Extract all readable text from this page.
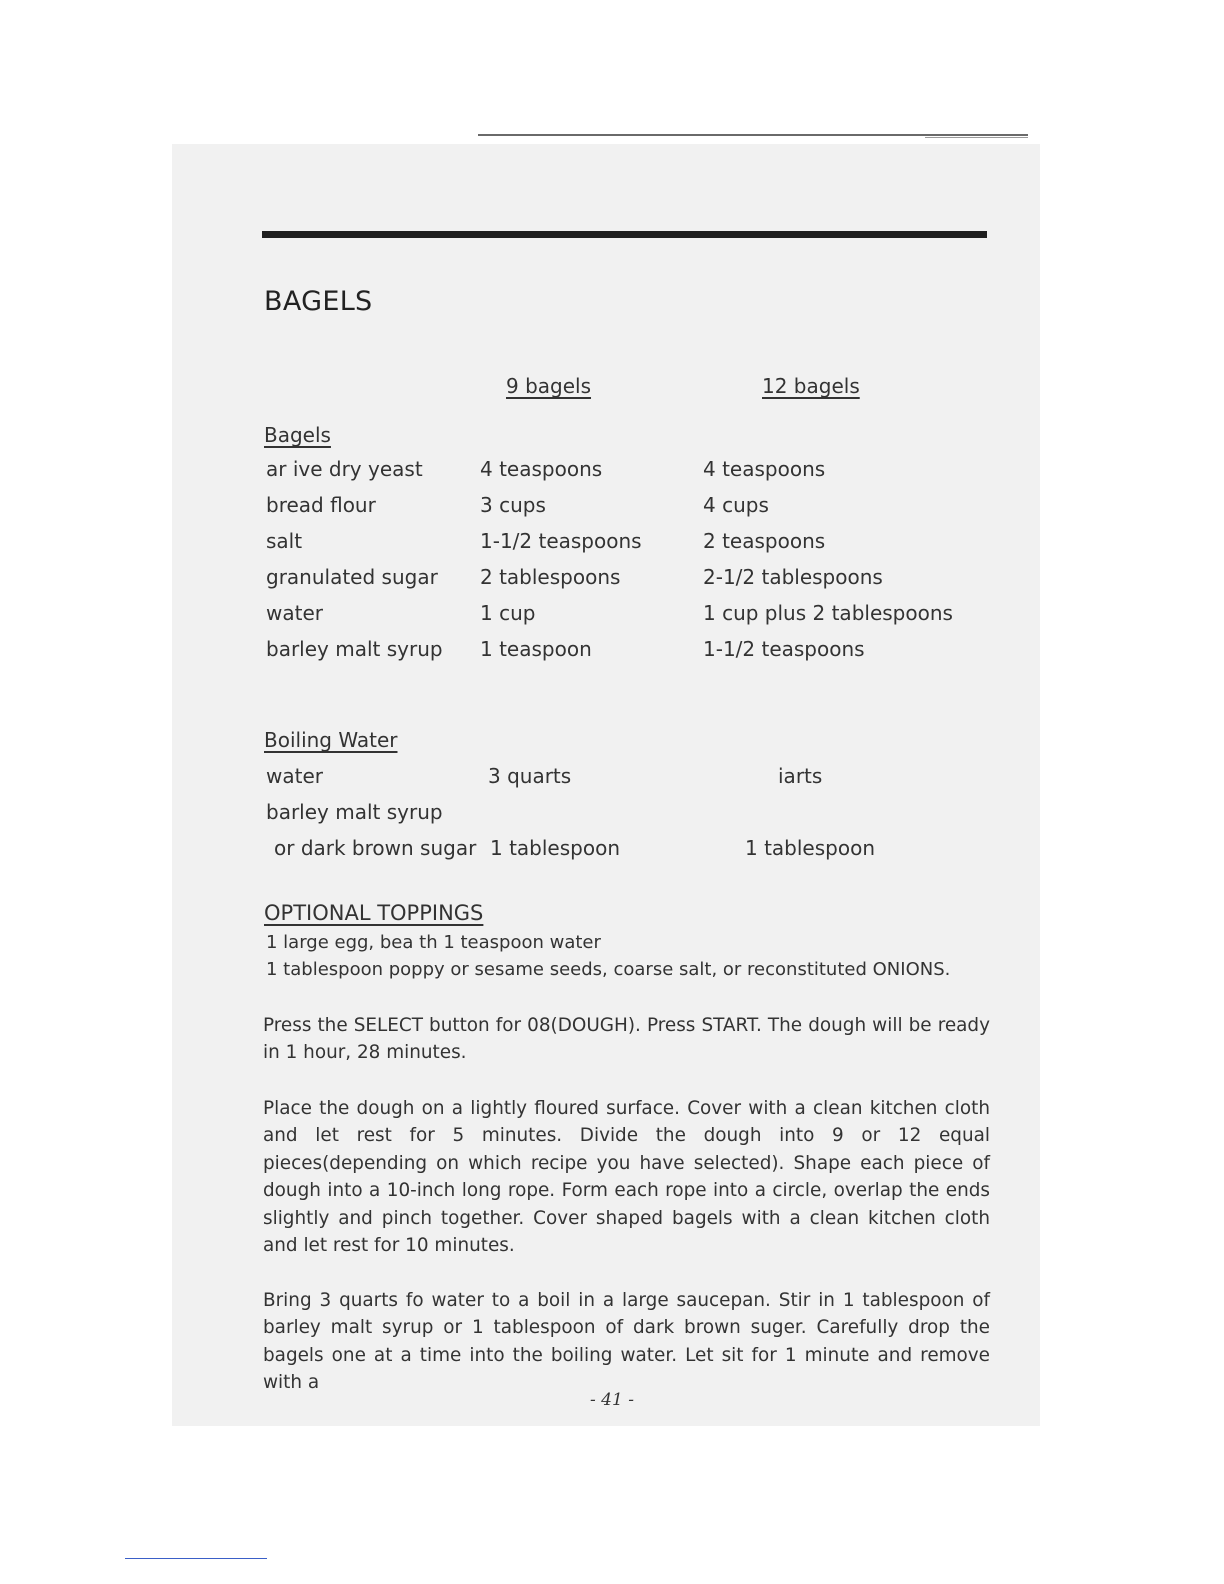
BAGELS
9 bagels	12 bagels
Bagels
ar ive dry yeast	4 teaspoons	4 teaspoons
bread flour	3 cups	4 cups
salt	1-1/2 teaspoons	2 teaspoons
granulated sugar 2 tablespoons	2-1/2 tablespoons
water	1 cup	1 cup plus 2 tablespoons
barley malt syrup 1 teaspoon	1-1/2 teaspoons
Boiling Water
water	3 quarts	iarts
barley malt syrup
or dark brown sugar 1 tablespoon	1 tablespoon
OPTIONAL TOPPINGS
1 large egg, bea th 1 teaspoon water
1 tablespoon poppy or sesame seeds, coarse salt, or reconstituted ONIONS.

Press the SELECT button for 08(DOUGH). Press START. The dough will be ready in 1 hour, 28 minutes.

Place the dough on a lightly floured surface. Cover with a clean kitchen cloth and let rest for 5 minutes. Divide the dough into 9 or 12 equal pieces(depending on which recipe you have selected). Shape each piece of dough into a 10-inch long rope. Form each rope into a circle, overlap the ends slightly and pinch together. Cover shaped bagels with a clean kitchen cloth and let rest for 10 minutes.

Bring 3 quarts fo water to a boil in a large saucepan. Stir in 1 tablespoon of barley malt syrup or 1 tablespoon of dark brown suger. Carefully drop the bagels one at a time into the boiling water. Let sit for 1 minute and remove with a

- 41 -
